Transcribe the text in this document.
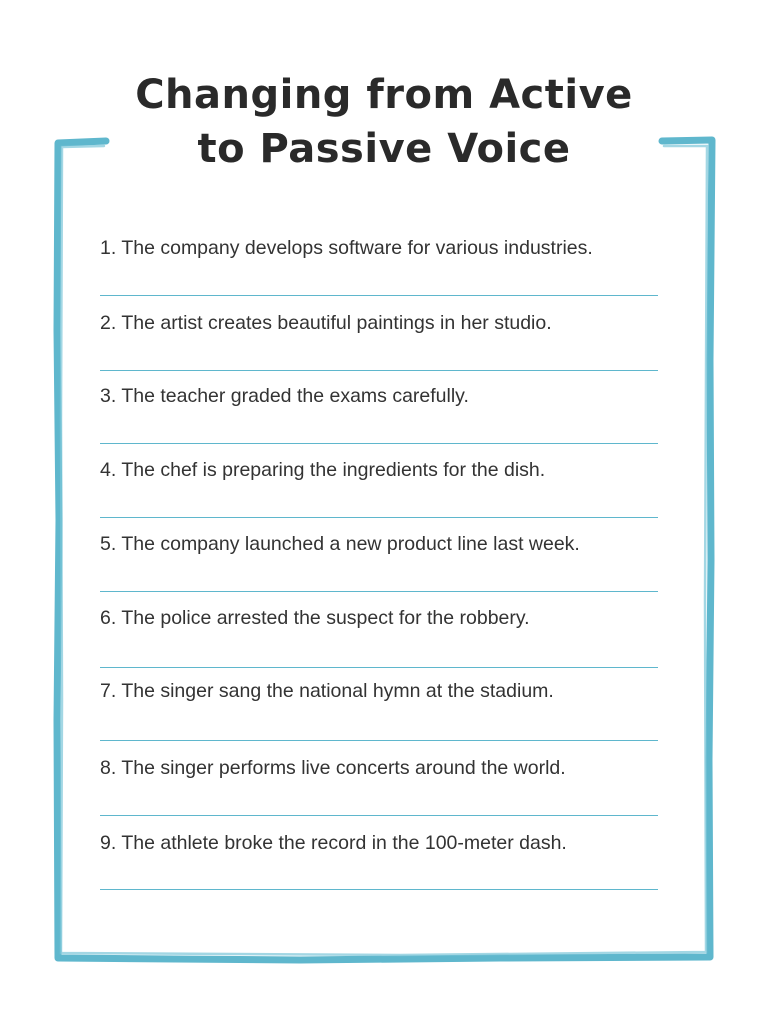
Changing from Active
to Passive Voice
1. The company develops software for various industries.
2. The artist creates beautiful paintings in her studio.
3. The teacher graded the exams carefully.
4. The chef is preparing the ingredients for the dish.
5. The company launched a new product line last week.
6. The police arrested the suspect for the robbery.
7. The singer sang the national hymn at the stadium.
8. The singer performs live concerts around the world.
9. The athlete broke the record in the 100-meter dash.
